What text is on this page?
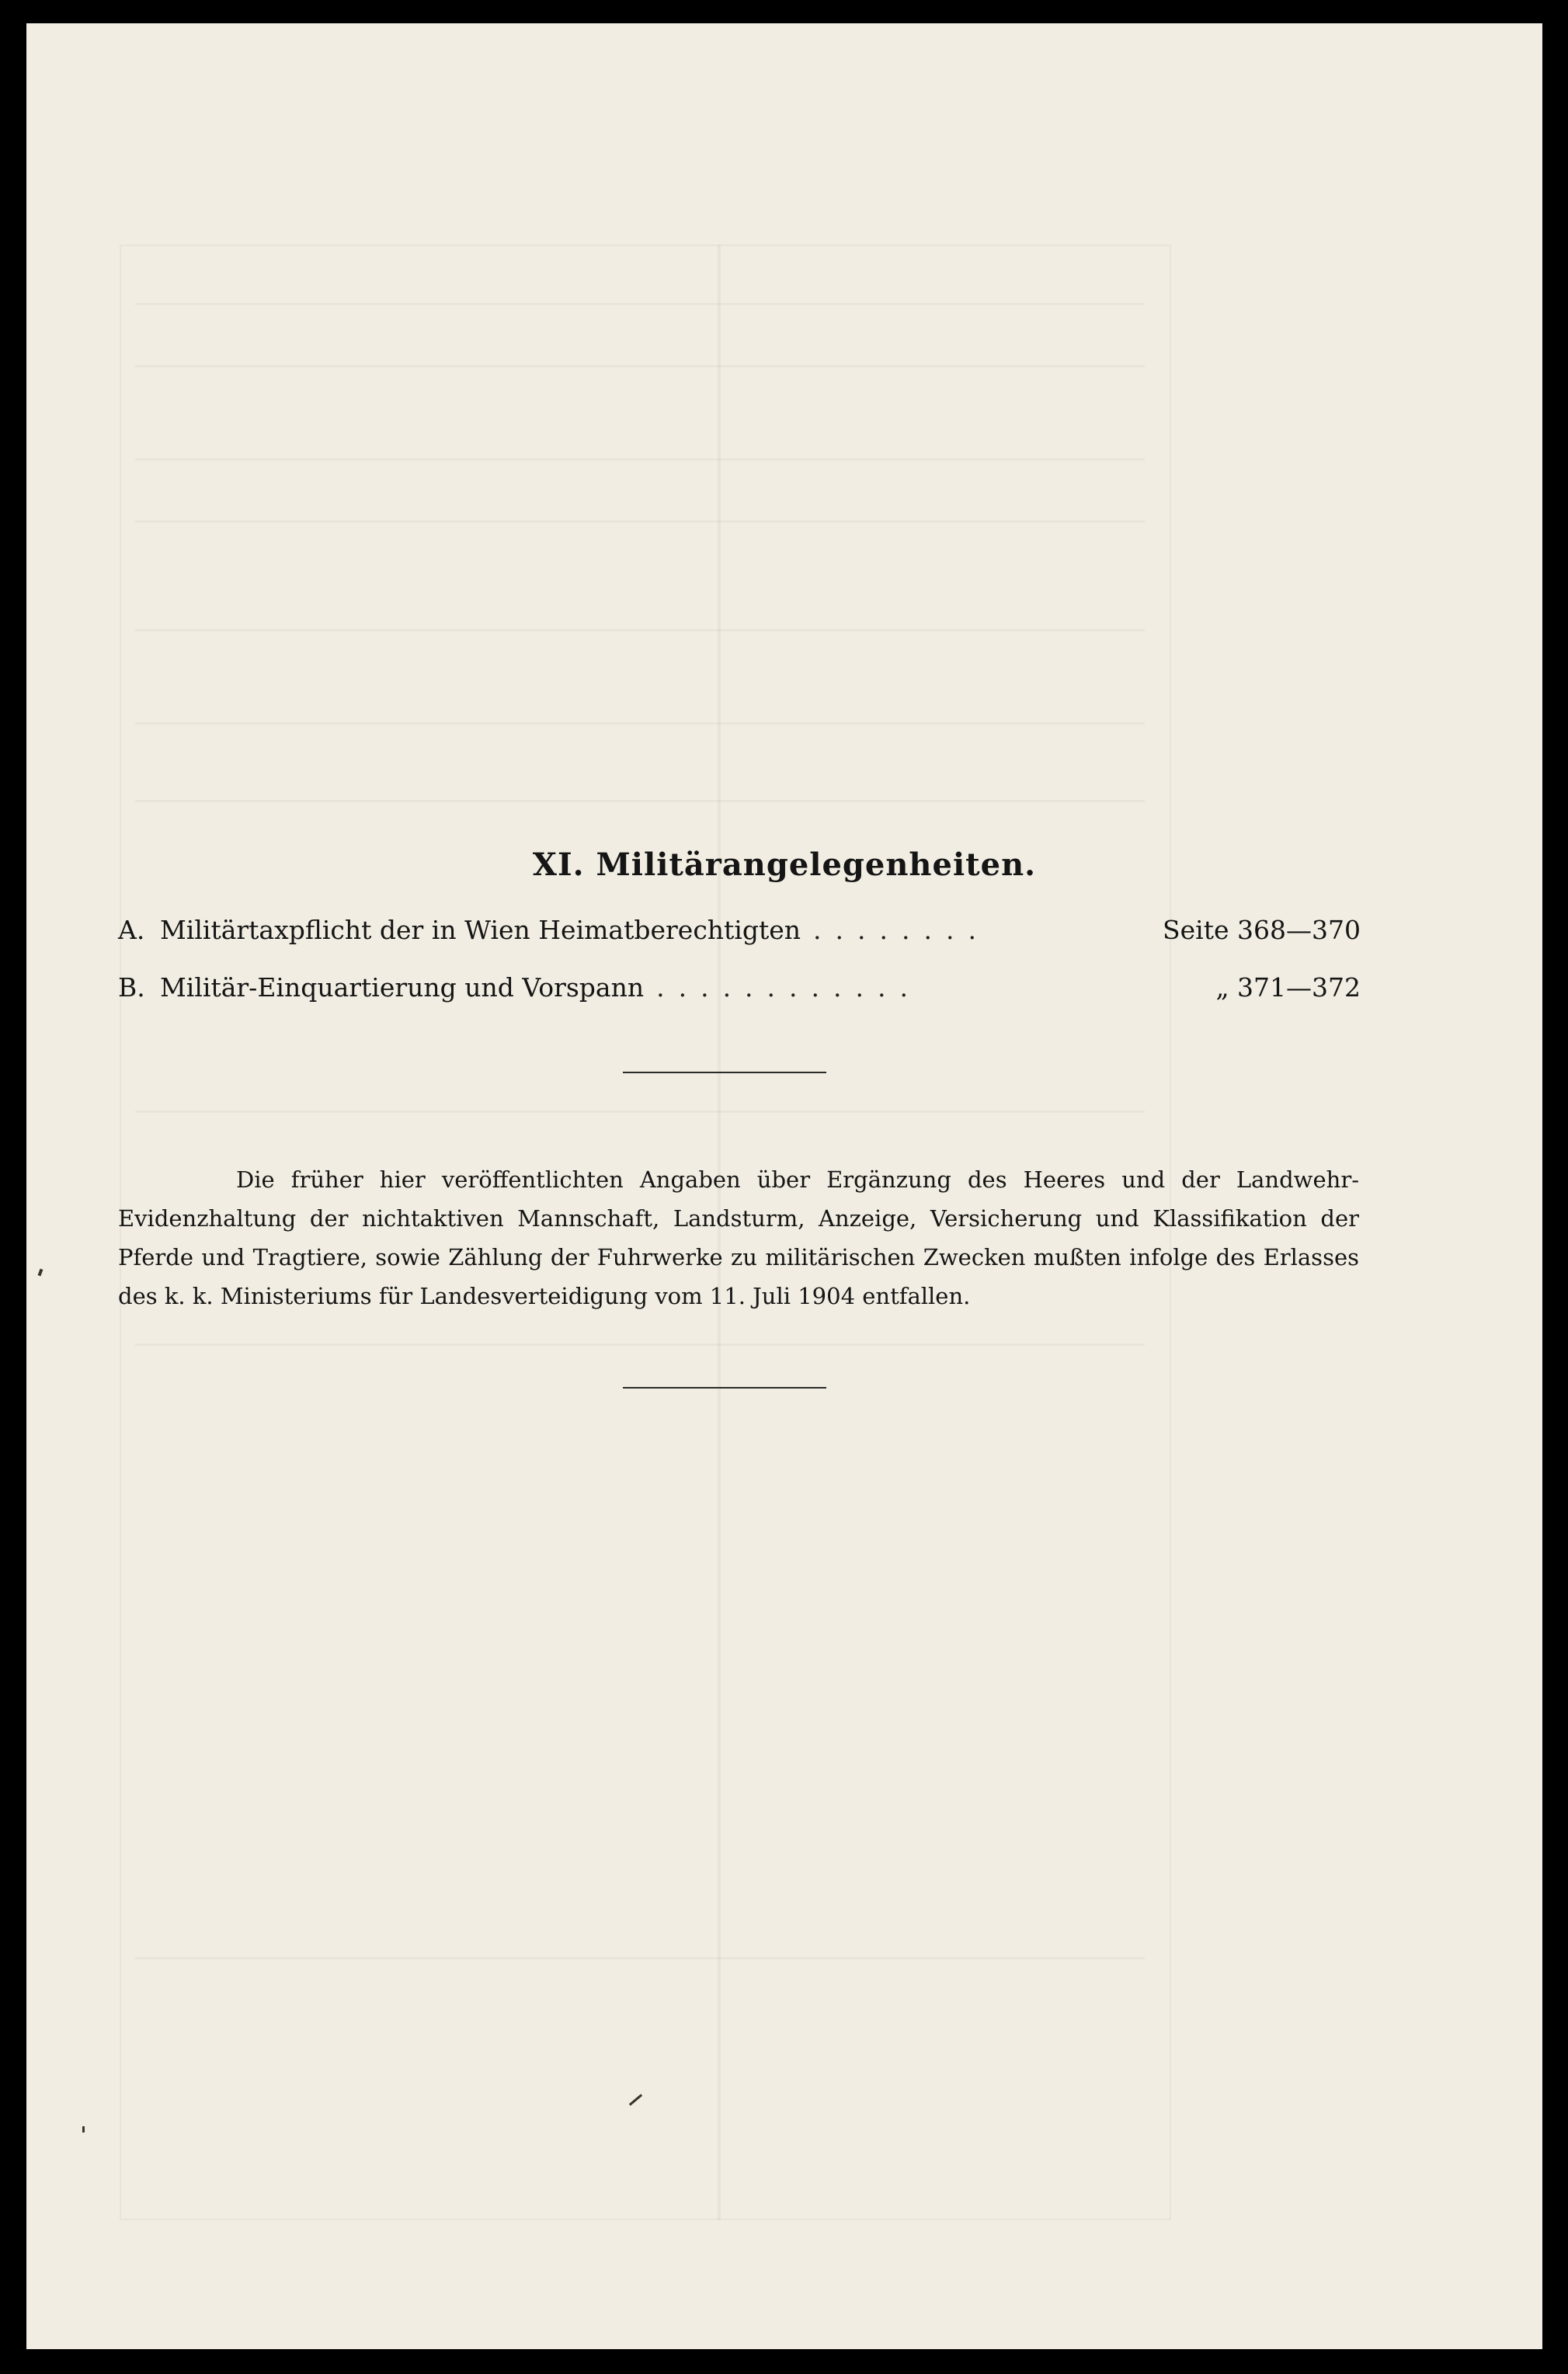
XI. Militärangelegenheiten.
A. Militärtaxpflicht der in Wien Heimatberechtigten ........	Seite 368—370
B. Militär-Einquartierung und Vorspann ............	„ 371—372

Die früher hier veröffentlichten Angaben über Ergänzung des Heeres und der Landwehr-Evidenzhaltung der nichtaktiven Mannschaft, Landsturm, Anzeige, Versicherung und Klassifikation der Pferde und Tragtiere, sowie Zählung der Fuhrwerke zu militärischen Zwecken mußten infolge des Erlasses des k. k. Ministeriums für Landesverteidigung vom 11. Juli 1904 entfallen.
